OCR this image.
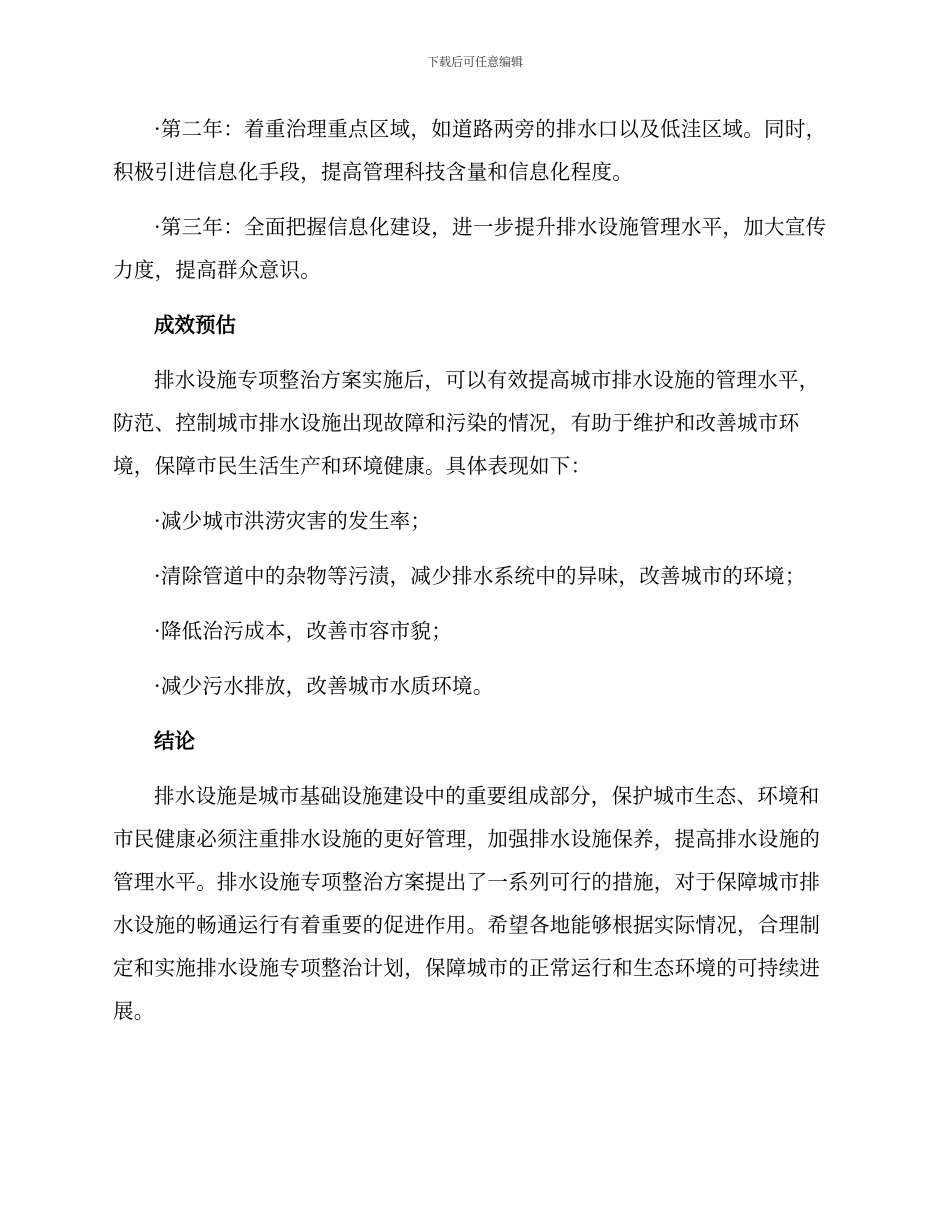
下载后可任意编辑

·第二年：着重治理重点区域，如道路两旁的排水口以及低洼区域。同时，积极引进信息化手段，提高管理科技含量和信息化程度。

·第三年：全面把握信息化建设，进一步提升排水设施管理水平，加大宣传力度，提高群众意识。

成效预估

排水设施专项整治方案实施后，可以有效提高城市排水设施的管理水平，防范、控制城市排水设施出现故障和污染的情况，有助于维护和改善城市环境，保障市民生活生产和环境健康。具体表现如下：

·减少城市洪涝灾害的发生率；

·清除管道中的杂物等污渍，减少排水系统中的异味，改善城市的环境；

·降低治污成本，改善市容市貌；

·减少污水排放，改善城市水质环境。

结论

排水设施是城市基础设施建设中的重要组成部分，保护城市生态、环境和市民健康必须注重排水设施的更好管理，加强排水设施保养，提高排水设施的管理水平。排水设施专项整治方案提出了一系列可行的措施，对于保障城市排水设施的畅通运行有着重要的促进作用。希望各地能够根据实际情况，合理制定和实施排水设施专项整治计划，保障城市的正常运行和生态环境的可持续进展。
